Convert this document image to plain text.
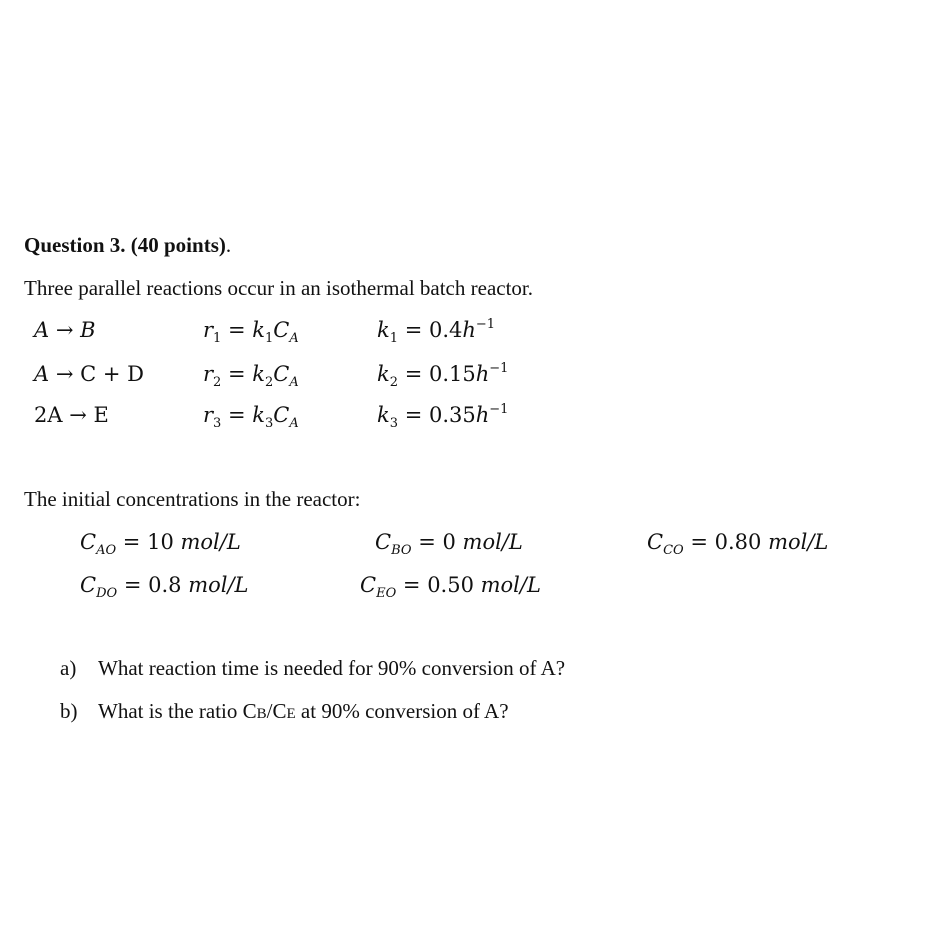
Question 3. (40 points).
Three parallel reactions occur in an isothermal batch reactor.
A → B	$r_1 = k_1C_A$	$k_1 = 0.4h^{-1}$
A → C + D	$r_2 = k_2C_A$	$k_2 = 0.15h^{-1}$
2A → E	$r_3 = k_3C_A$	$k_3 = 0.35h^{-1}$
The initial concentrations in the reactor:
$C_{AO} = 10$ mol/L	$C_{BO} = 0$ mol/L	$C_{CO} = 0.80$ mol/L
$C_{DO} = 0.8$ mol/L	$C_{EO} = 0.50$ mol/L
a) What reaction time is needed for 90% conversion of A?
b) What is the ratio CB/CE at 90% conversion of A?
